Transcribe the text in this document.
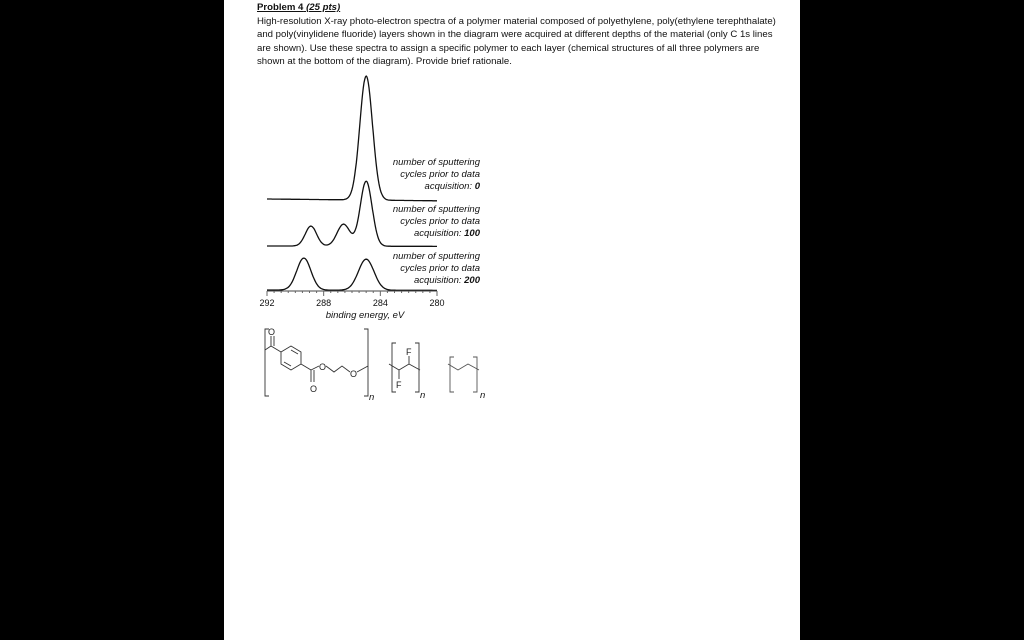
Problem 4 (25 pts)
High-resolution X-ray photo-electron spectra of a polymer material composed of polyethylene, poly(ethylene terephthalate) and poly(vinylidene fluoride) layers shown in the diagram were acquired at different depths of the material (only C 1s lines are shown). Use these spectra to assign a specific polymer to each layer (chemical structures of all three polymers are shown at the bottom of the diagram). Provide brief rationale.
number of sputtering
cycles prior to data
acquisition: 0
number of sputtering
cycles prior to data
acquisition: 100
number of sputtering
cycles prior to data
acquisition: 200
292	288	284	280
binding energy, eV
O
O
O
O
n
F
F
n	n
